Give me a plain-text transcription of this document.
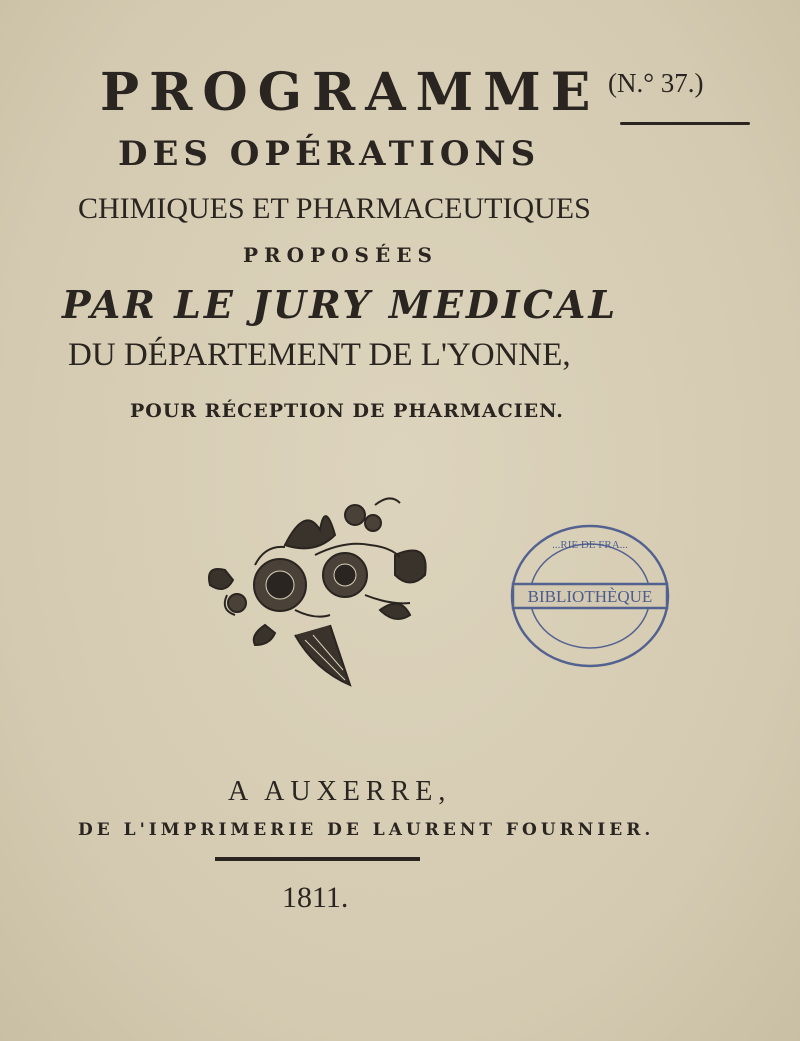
PROGRAMME (N.° 37.)
DES OPÉRATIONS
CHIMIQUES ET PHARMACEUTIQUES
PROPOSÉES
PAR LE JURY MEDICAL
DU DÉPARTEMENT DE L'YONNE,
POUR RÉCEPTION DE PHARMACIEN.
BIBLIOTHÈQUE
...RIE DE FRA...
A AUXERRE,
DE L'IMPRIMERIE DE LAURENT FOURNIER.
1811.
